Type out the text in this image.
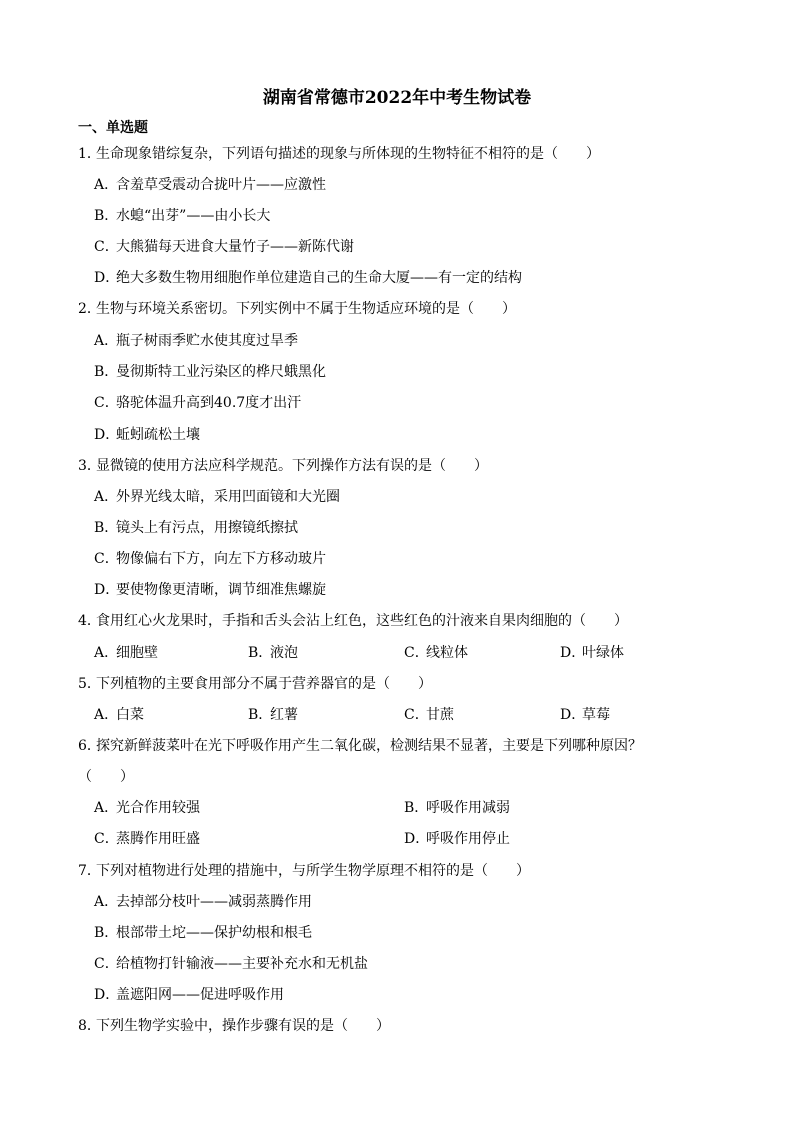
湖南省常德市2022年中考生物试卷
一、单选题
1．生命现象错综复杂，下列语句描述的现象与所体现的生物特征不相符的是（　　）
A．含羞草受震动合拢叶片——应激性
B．水螅“出芽”——由小长大
C．大熊猫每天进食大量竹子——新陈代谢
D．绝大多数生物用细胞作单位建造自己的生命大厦——有一定的结构
2．生物与环境关系密切。下列实例中不属于生物适应环境的是（　　）
A．瓶子树雨季贮水使其度过旱季
B．曼彻斯特工业污染区的桦尺蛾黑化
C．骆驼体温升高到40.7度才出汗
D．蚯蚓疏松土壤
3．显微镜的使用方法应科学规范。下列操作方法有误的是（　　）
A．外界光线太暗，采用凹面镜和大光圈
B．镜头上有污点，用擦镜纸擦拭
C．物像偏右下方，向左下方移动玻片
D．要使物像更清晰，调节细准焦螺旋
4．食用红心火龙果时，手指和舌头会沾上红色，这些红色的汁液来自果肉细胞的（　　）
A．细胞壁	B．液泡	C．线粒体	D．叶绿体
5．下列植物的主要食用部分不属于营养器官的是（　　）
A．白菜	B．红薯	C．甘蔗	D．草莓
6．探究新鲜菠菜叶在光下呼吸作用产生二氧化碳，检测结果不显著，主要是下列哪种原因？
（　　）
A．光合作用较强	B．呼吸作用减弱
C．蒸腾作用旺盛	D．呼吸作用停止
7．下列对植物进行处理的措施中，与所学生物学原理不相符的是（　　）
A．去掉部分枝叶——减弱蒸腾作用
B．根部带土坨——保护幼根和根毛
C．给植物打针输液——主要补充水和无机盐
D．盖遮阳网——促进呼吸作用
8．下列生物学实验中，操作步骤有误的是（　　）
